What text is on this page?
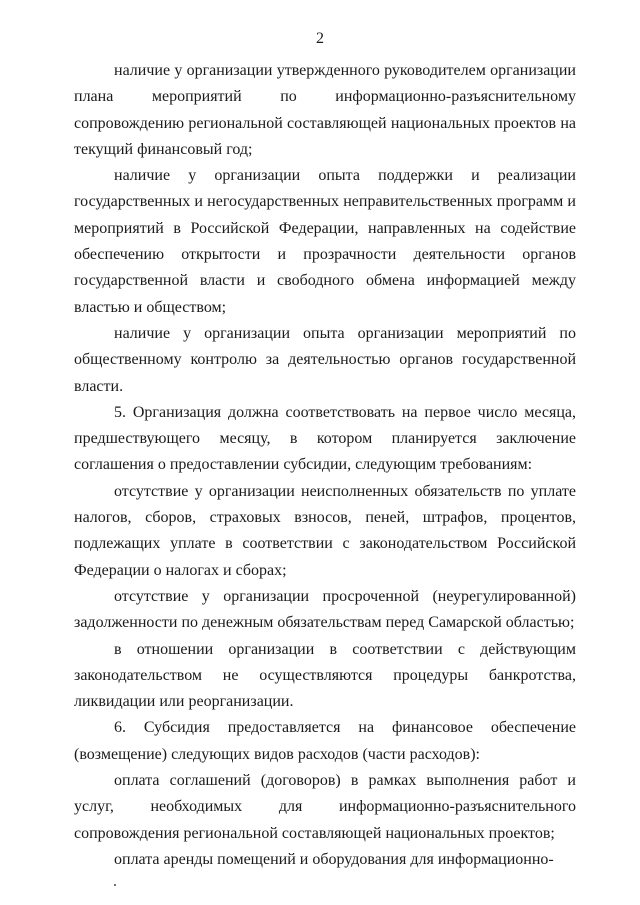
2

наличие у организации утвержденного руководителем организации плана мероприятий по информационно-разъяснительному сопровождению региональной составляющей национальных проектов на текущий финансовый год;

наличие у организации опыта поддержки и реализации государственных и негосударственных неправительственных программ и мероприятий в Российской Федерации, направленных на содействие обеспечению открытости и прозрачности деятельности органов государственной власти и свободного обмена информацией между властью и обществом;

наличие у организации опыта организации мероприятий по общественному контролю за деятельностью органов государственной власти.

5. Организация должна соответствовать на первое число месяца, предшествующего месяцу, в котором планируется заключение соглашения о предоставлении субсидии, следующим требованиям:

отсутствие у организации неисполненных обязательств по уплате налогов, сборов, страховых взносов, пеней, штрафов, процентов, подлежащих уплате в соответствии с законодательством Российской Федерации о налогах и сборах;

отсутствие у организации просроченной (неурегулированной) задолженности по денежным обязательствам перед Самарской областью;

в отношении организации в соответствии с действующим законодательством не осуществляются процедуры банкротства, ликвидации или реорганизации.

6. Субсидия предоставляется на финансовое обеспечение (возмещение) следующих видов расходов (части расходов):

оплата соглашений (договоров) в рамках выполнения работ и услуг, необходимых для информационно-разъяснительного сопровождения региональной составляющей национальных проектов;

оплата аренды помещений и оборудования для информационно-
